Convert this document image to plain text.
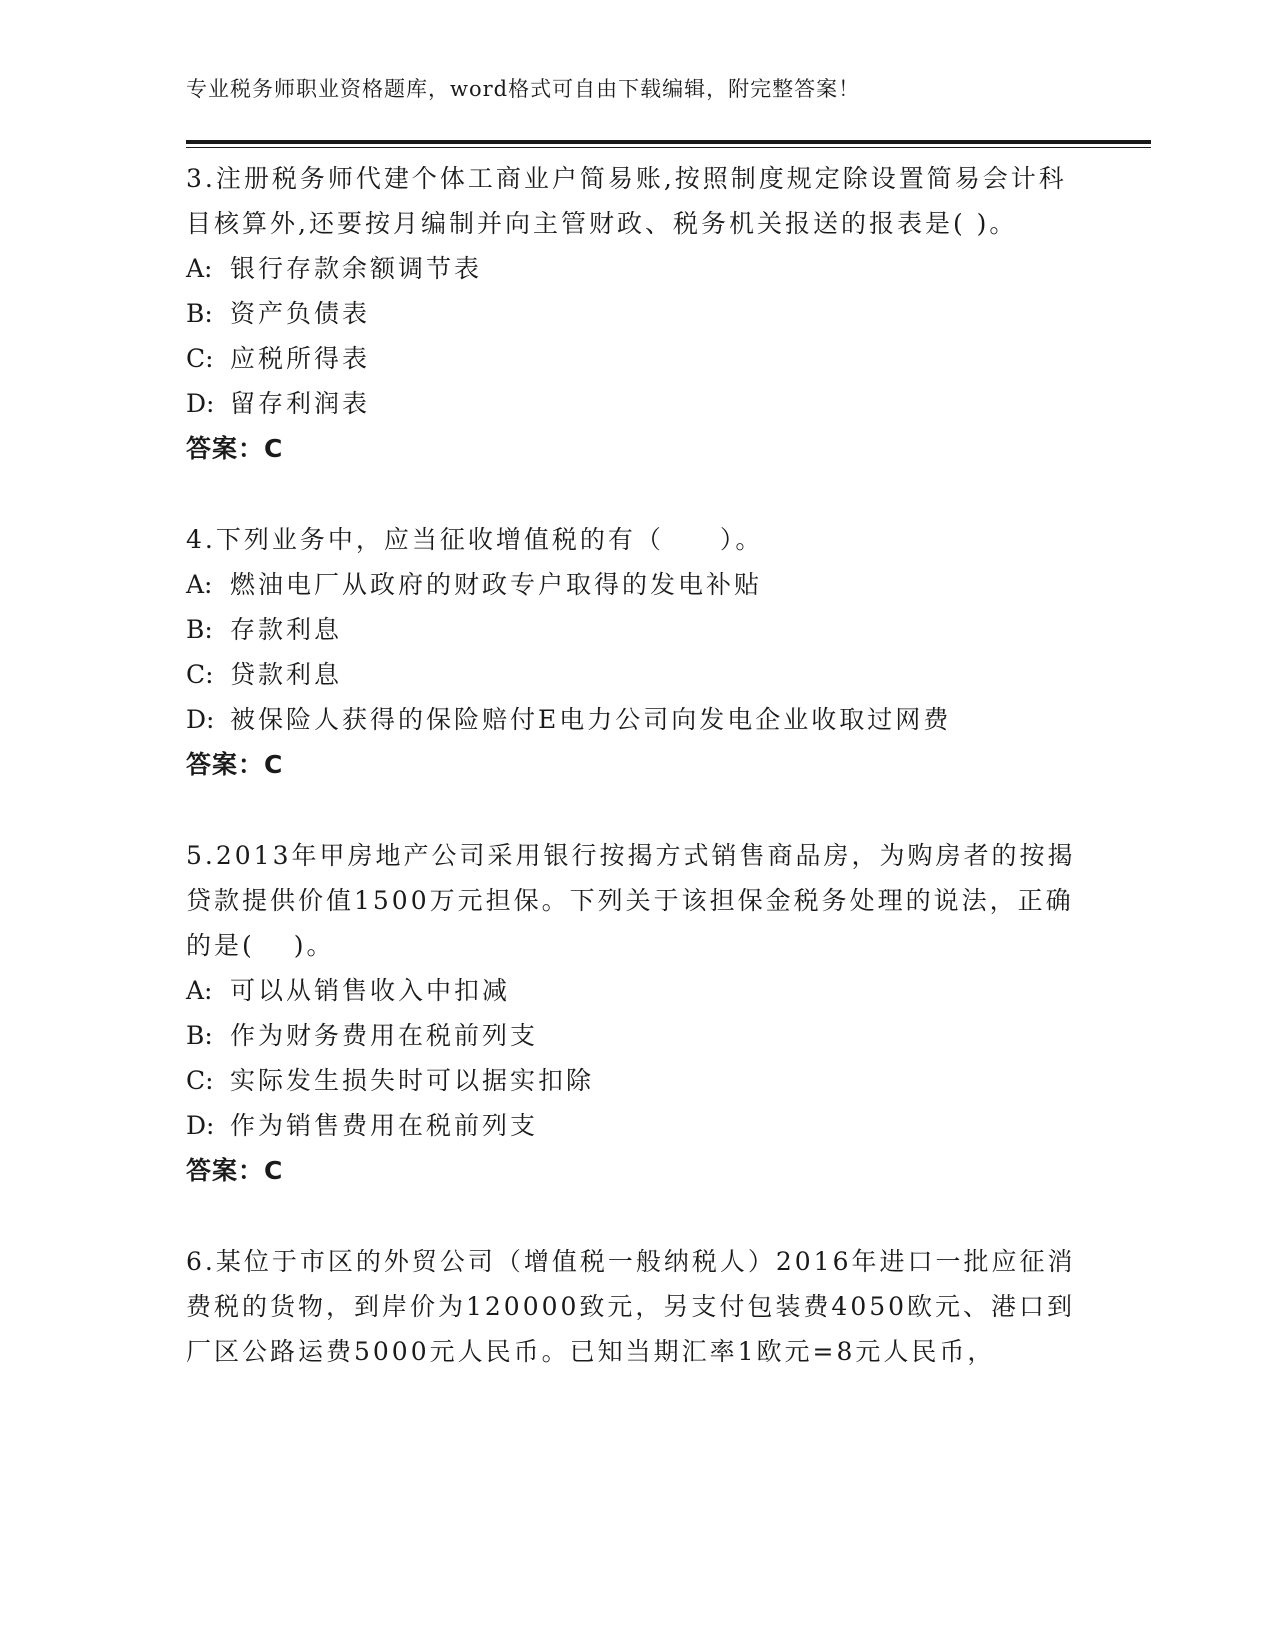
专业税务师职业资格题库，word格式可自由下载编辑，附完整答案！

3.注册税务师代建个体工商业户简易账,按照制度规定除设置简易会计科目核算外,还要按月编制并向主管财政、税务机关报送的报表是( )。

A: 银行存款余额调节表

B: 资产负债表

C: 应税所得表

D: 留存利润表

答案：C

4.下列业务中，应当征收增值税的有（　　）。

A: 燃油电厂从政府的财政专户取得的发电补贴

B: 存款利息

C: 贷款利息

D: 被保险人获得的保险赔付E电力公司向发电企业收取过网费

答案：C

5.2013年甲房地产公司采用银行按揭方式销售商品房，为购房者的按揭贷款提供价值1500万元担保。下列关于该担保金税务处理的说法，正确的是(　 )。

A: 可以从销售收入中扣减

B: 作为财务费用在税前列支

C: 实际发生损失时可以据实扣除

D: 作为销售费用在税前列支

答案：C

6.某位于市区的外贸公司（增值税一般纳税人）2016年进口一批应征消费税的货物，到岸价为120000致元，另支付包装费4050欧元、港口到厂区公路运费5000元人民币。已知当期汇率1欧元=8元人民币，
